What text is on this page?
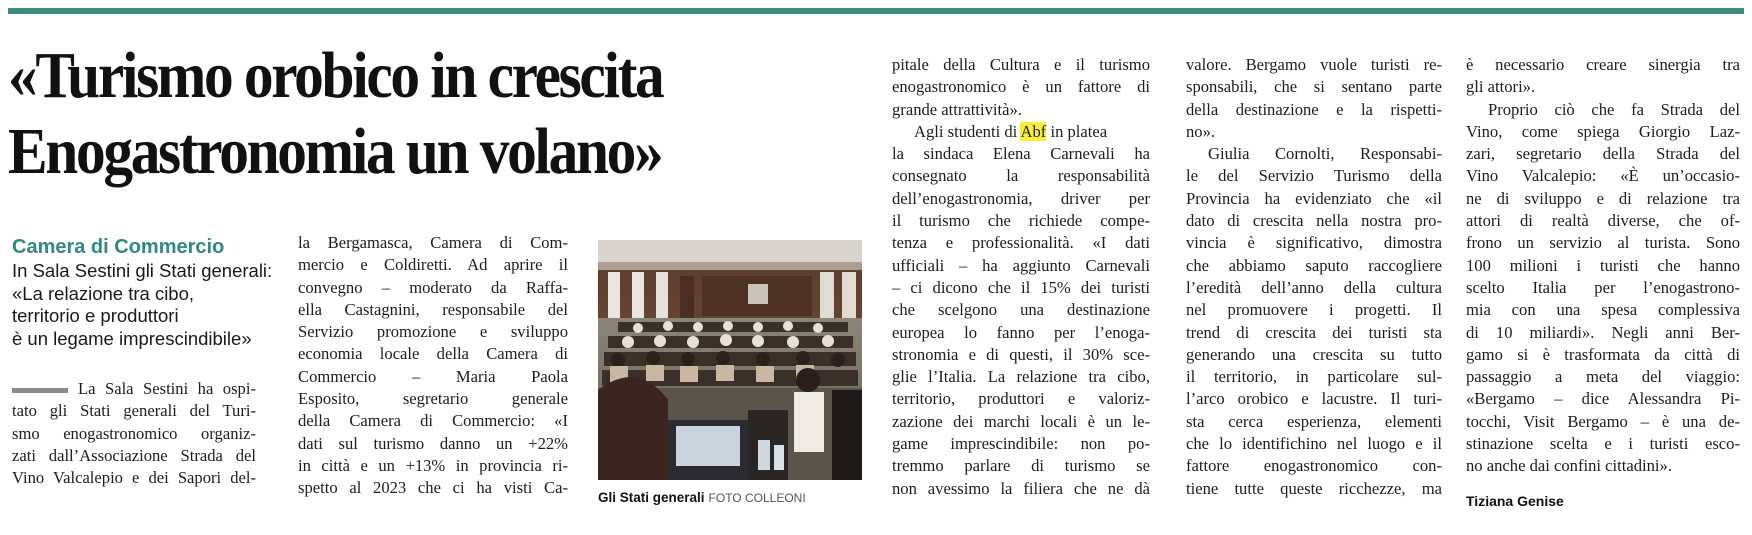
«Turismo orobico in crescita
Enogastronomia un volano»
Camera di Commercio
In Sala Sestini gli Stati generali:
«La relazione tra cibo,
territorio e produttori
è un legame imprescindibile»
La Sala Sestini ha ospi-
tato gli Stati generali del Turi-
smo enogastronomico organiz-
zati dall’Associazione Strada del
Vino Valcalepio e dei Sapori del-
la Bergamasca, Camera di Com-
mercio e Coldiretti. Ad aprire il
convegno – moderato da Raffa-
ella Castagnini, responsabile del
Servizio promozione e sviluppo
economia locale della Camera di
Commercio – Maria Paola
Esposito, segretario generale
della Camera di Commercio: «I
dati sul turismo danno un +22%
in città e un +13% in provincia ri-
spetto al 2023 che ci ha visti Ca-
Gli Stati generali FOTO COLLEONI
pitale della Cultura e il turismo
enogastronomico è un fattore di
grande attrattività».
Agli studenti di Abf in platea
la sindaca Elena Carnevali ha
consegnato la responsabilità
dell’enogastronomia, driver per
il turismo che richiede compe-
tenza e professionalità. «I dati
ufficiali – ha aggiunto Carnevali
– ci dicono che il 15% dei turisti
che scelgono una destinazione
europea lo fanno per l’enoga-
stronomia e di questi, il 30% sce-
glie l’Italia. La relazione tra cibo,
territorio, produttori e valoriz-
zazione dei marchi locali è un le-
game imprescindibile: non po-
tremmo parlare di turismo se
non avessimo la filiera che ne dà
valore. Bergamo vuole turisti re-
sponsabili, che si sentano parte
della destinazione e la rispetti-
no».
Giulia Cornolti, Responsabi-
le del Servizio Turismo della
Provincia ha evidenziato che «il
dato di crescita nella nostra pro-
vincia è significativo, dimostra
che abbiamo saputo raccogliere
l’eredità dell’anno della cultura
nel promuovere i progetti. Il
trend di crescita dei turisti sta
generando una crescita su tutto
il territorio, in particolare sul-
l’arco orobico e lacustre. Il turi-
sta cerca esperienza, elementi
che lo identifichino nel luogo e il
fattore enogastronomico con-
tiene tutte queste ricchezze, ma
è necessario creare sinergia tra
gli attori».
Proprio ciò che fa Strada del
Vino, come spiega Giorgio Laz-
zari, segretario della Strada del
Vino Valcalepio: «È un’occasio-
ne di sviluppo e di relazione tra
attori di realtà diverse, che of-
frono un servizio al turista. Sono
100 milioni i turisti che hanno
scelto Italia per l’enogastrono-
mia con una spesa complessiva
di 10 miliardi». Negli anni Ber-
gamo si è trasformata da città di
passaggio a meta del viaggio:
«Bergamo – dice Alessandra Pi-
tocchi, Visit Bergamo – è una de-
stinazione scelta e i turisti esco-
no anche dai confini cittadini».
Tiziana Genise
